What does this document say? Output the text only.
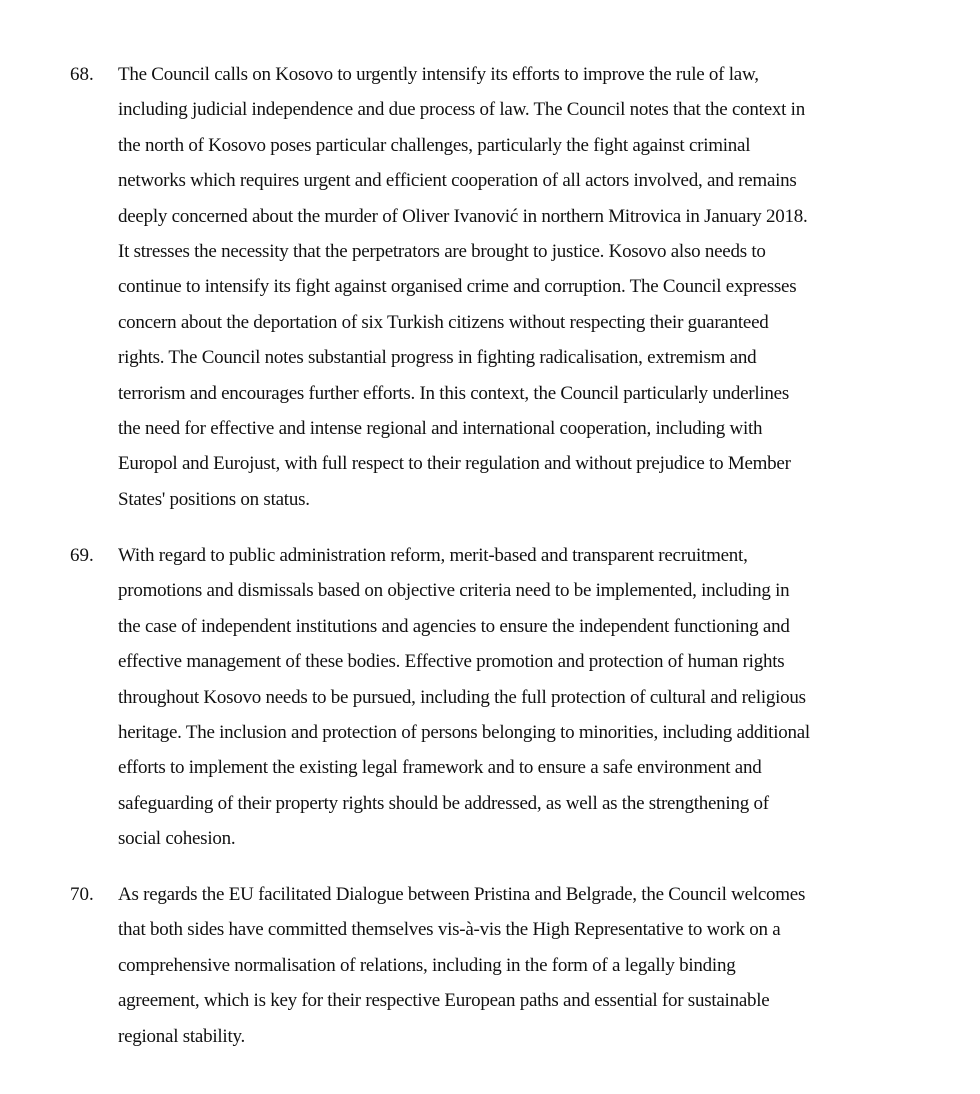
68. The Council calls on Kosovo to urgently intensify its efforts to improve the rule of law,
including judicial independence and due process of law. The Council notes that the context in
the north of Kosovo poses particular challenges, particularly the fight against criminal
networks which requires urgent and efficient cooperation of all actors involved, and remains
deeply concerned about the murder of Oliver Ivanović in northern Mitrovica in January 2018.
It stresses the necessity that the perpetrators are brought to justice. Kosovo also needs to
continue to intensify its fight against organised crime and corruption. The Council expresses
concern about the deportation of six Turkish citizens without respecting their guaranteed
rights. The Council notes substantial progress in fighting radicalisation, extremism and
terrorism and encourages further efforts. In this context, the Council particularly underlines
the need for effective and intense regional and international cooperation, including with
Europol and Eurojust, with full respect to their regulation and without prejudice to Member
States' positions on status.
69. With regard to public administration reform, merit-based and transparent recruitment,
promotions and dismissals based on objective criteria need to be implemented, including in
the case of independent institutions and agencies to ensure the independent functioning and
effective management of these bodies. Effective promotion and protection of human rights
throughout Kosovo needs to be pursued, including the full protection of cultural and religious
heritage. The inclusion and protection of persons belonging to minorities, including additional
efforts to implement the existing legal framework and to ensure a safe environment and
safeguarding of their property rights should be addressed, as well as the strengthening of
social cohesion.
70. As regards the EU facilitated Dialogue between Pristina and Belgrade, the Council welcomes
that both sides have committed themselves vis-à-vis the High Representative to work on a
comprehensive normalisation of relations, including in the form of a legally binding
agreement, which is key for their respective European paths and essential for sustainable
regional stability.
